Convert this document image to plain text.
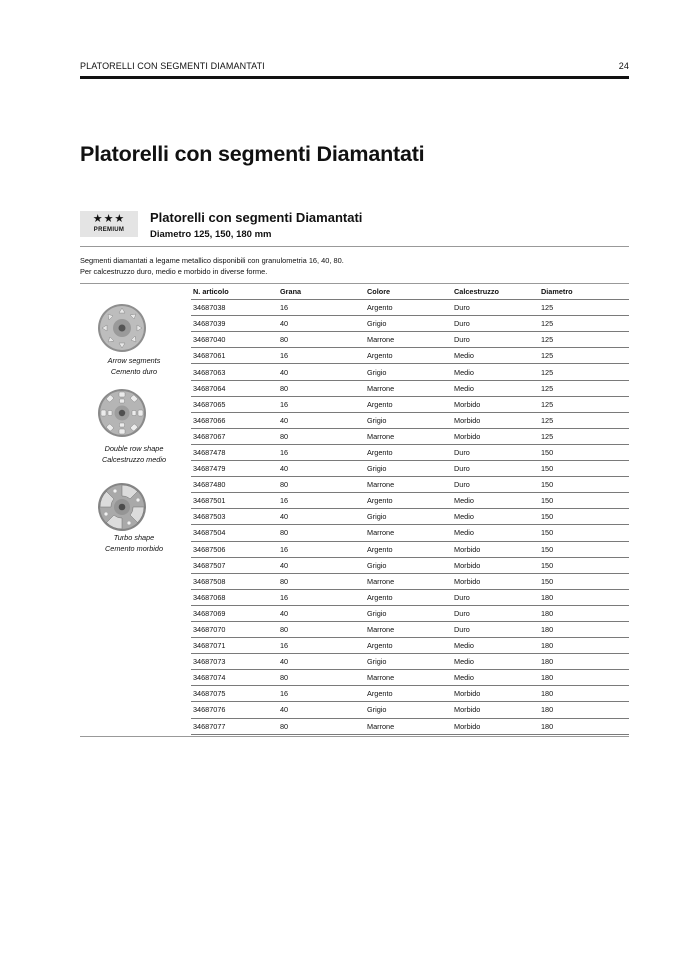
PLATORELLI CON SEGMENTI DIAMANTATI	24
Platorelli con segmenti Diamantati
★★★
PREMIUM
Platorelli con segmenti Diamantati
Diametro 125, 150, 180 mm
Segmenti diamantati a legame metallico disponibili con granulometria 16, 40, 80.
Per calcestruzzo duro, medio e morbido in diverse forme.
Arrow segments
Cemento duro
Double row shape
Calcestruzzo medio
Turbo shape
Cemento morbido
N. articolo	Grana	Colore	Calcestruzzo	Diametro
34687038	16	Argento	Duro	125
34687039	40	Grigio	Duro	125
34687040	80	Marrone	Duro	125
34687061	16	Argento	Medio	125
34687063	40	Grigio	Medio	125
34687064	80	Marrone	Medio	125
34687065	16	Argento	Morbido	125
34687066	40	Grigio	Morbido	125
34687067	80	Marrone	Morbido	125
34687478	16	Argento	Duro	150
34687479	40	Grigio	Duro	150
34687480	80	Marrone	Duro	150
34687501	16	Argento	Medio	150
34687503	40	Grigio	Medio	150
34687504	80	Marrone	Medio	150
34687506	16	Argento	Morbido	150
34687507	40	Grigio	Morbido	150
34687508	80	Marrone	Morbido	150
34687068	16	Argento	Duro	180
34687069	40	Grigio	Duro	180
34687070	80	Marrone	Duro	180
34687071	16	Argento	Medio	180
34687073	40	Grigio	Medio	180
34687074	80	Marrone	Medio	180
34687075	16	Argento	Morbido	180
34687076	40	Grigio	Morbido	180
34687077	80	Marrone	Morbido	180
